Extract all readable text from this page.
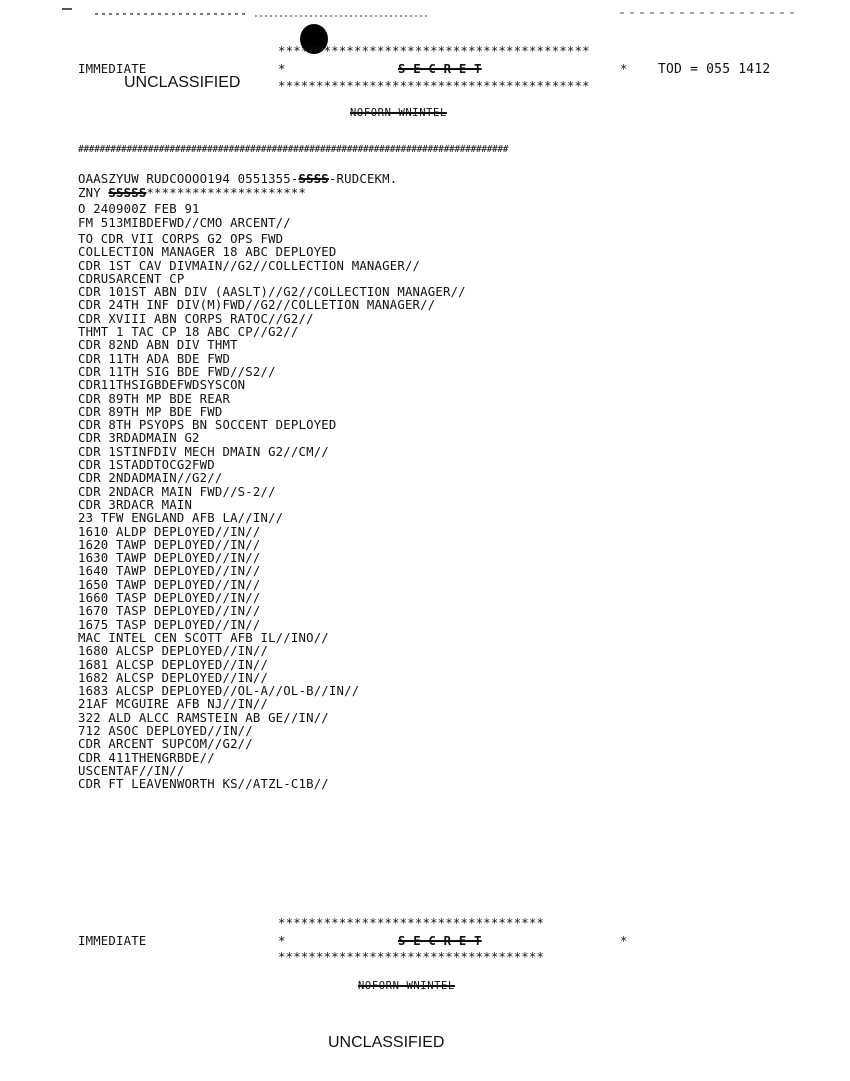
*****************************************
IMMEDIATE	*	S E C R E T	* TOD = 055 1412
UNCLASSIFIED	*****************************************
NOFORN WNINTEL
################################################################################
OAASZYUW RUDCOOOO194 0551355-SSSS-RUDCEKM.
ZNY SSSSS*********************
O 240900Z FEB 91
FM 513MIBDEFWD//CMO ARCENT//
TO CDR VII CORPS G2 OPS FWD
COLLECTION MANAGER 18 ABC DEPLOYED
CDR 1ST CAV DIVMAIN//G2//COLLECTION MANAGER//
CDRUSARCENT CP
CDR 101ST ABN DIV (AASLT)//G2//COLLECTION MANAGER//
CDR 24TH INF DIV(M)FWD//G2//COLLETION MANAGER//
CDR XVIII ABN CORPS RATOC//G2//
THMT 1 TAC CP 18 ABC CP//G2//
CDR 82ND ABN DIV THMT
CDR 11TH ADA BDE FWD
CDR 11TH SIG BDE FWD//S2//
CDR11THSIGBDEFWDSYSCON
CDR 89TH MP BDE REAR
CDR 89TH MP BDE FWD
CDR 8TH PSYOPS BN SOCCENT DEPLOYED
CDR 3RDADMAIN G2
CDR 1STINFDIV MECH DMAIN G2//CM//
CDR 1STADDTOCG2FWD
CDR 2NDADMAIN//G2//
CDR 2NDACR MAIN FWD//S-2//
CDR 3RDACR MAIN
23 TFW ENGLAND AFB LA//IN//
1610 ALDP DEPLOYED//IN//
1620 TAWP DEPLOYED//IN//
1630 TAWP DEPLOYED//IN//
1640 TAWP DEPLOYED//IN//
1650 TAWP DEPLOYED//IN//
1660 TASP DEPLOYED//IN//
1670 TASP DEPLOYED//IN//
1675 TASP DEPLOYED//IN//
MAC INTEL CEN SCOTT AFB IL//INO//
1680 ALCSP DEPLOYED//IN//
1681 ALCSP DEPLOYED//IN//
1682 ALCSP DEPLOYED//IN//
1683 ALCSP DEPLOYED//OL-A//OL-B//IN//
21AF MCGUIRE AFB NJ//IN//
322 ALD ALCC RAMSTEIN AB GE//IN//
712 ASOC DEPLOYED//IN//
CDR ARCENT SUPCOM//G2//
CDR 411THENGRBDE//
USCENTAF//IN//
CDR FT LEAVENWORTH KS//ATZL-C1B//
***********************************
IMMEDIATE	*	S E C R E T	*
***********************************
NOFORN WNINTEL
UNCLASSIFIED
